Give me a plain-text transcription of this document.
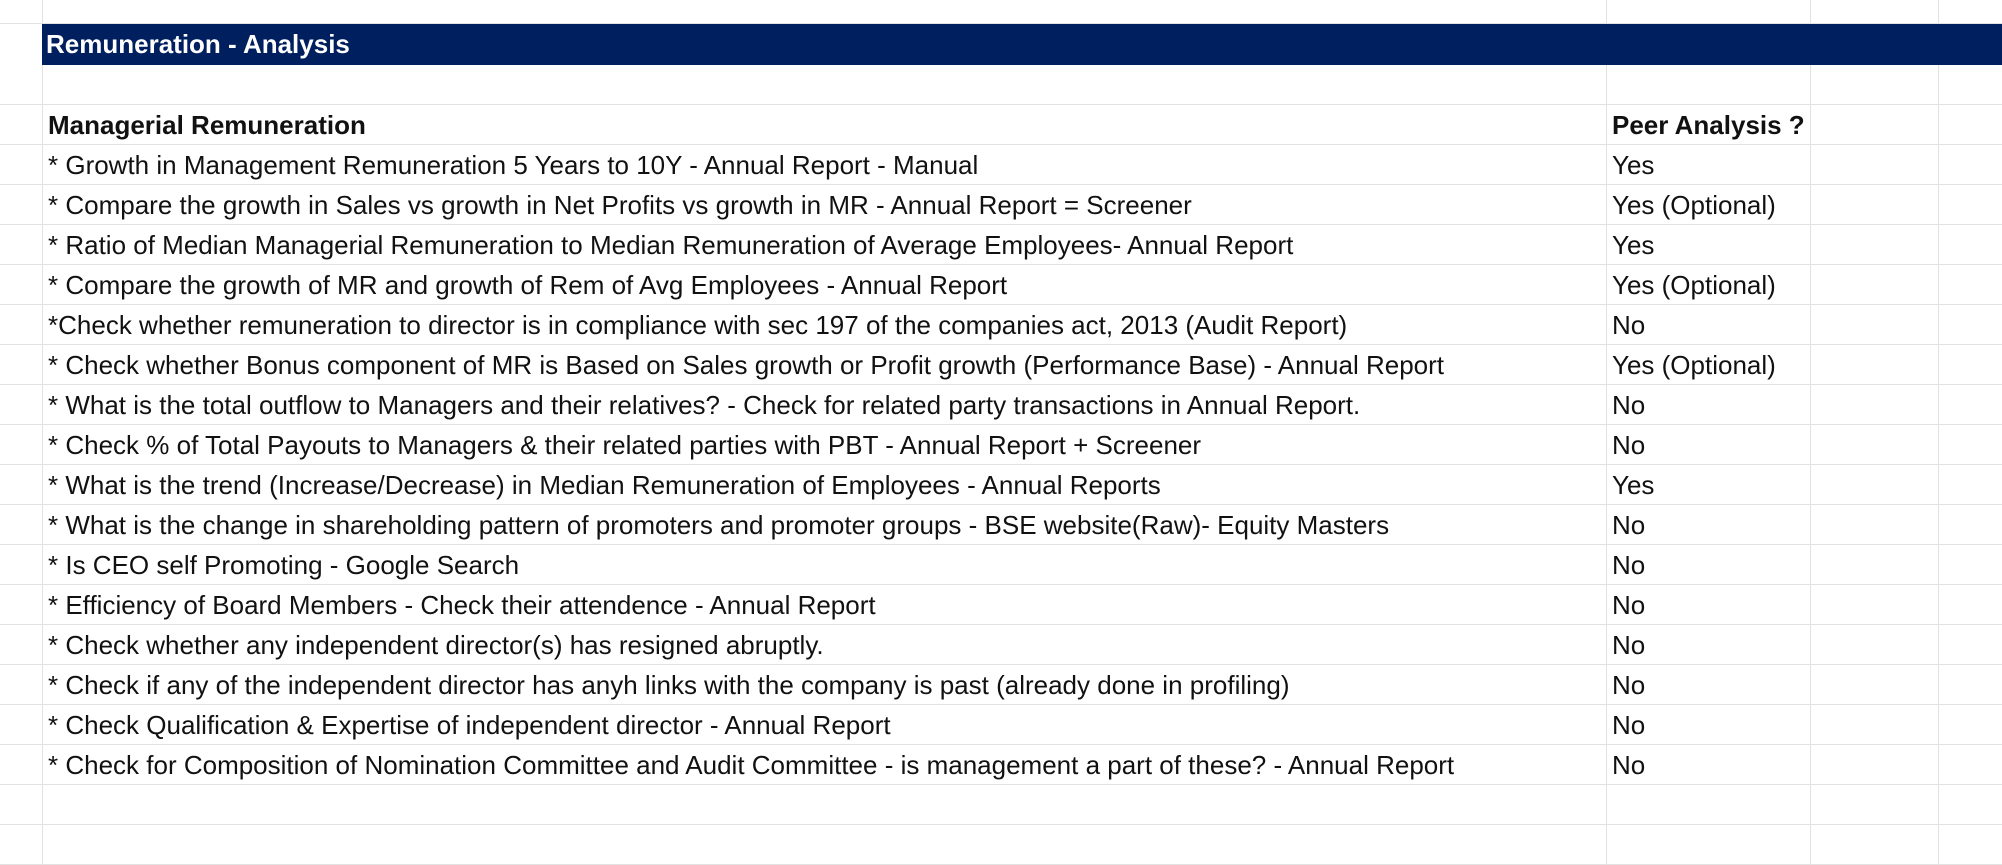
Remuneration - Analysis
Managerial Remuneration	Peer Analysis ?
* Growth in Management Remuneration 5 Years to 10Y - Annual Report - Manual	Yes
* Compare the growth in Sales vs growth in Net Profits vs growth in MR - Annual Report = Screener	Yes (Optional)
* Ratio of Median Managerial Remuneration to Median Remuneration of Average Employees- Annual Report	Yes
* Compare the growth of MR and growth of Rem of Avg Employees - Annual Report	Yes (Optional)
*Check whether remuneration to director is in compliance with sec 197 of the companies act, 2013 (Audit Report)	No
* Check whether Bonus component of MR is Based on Sales growth or Profit growth (Performance Base) - Annual Report	Yes (Optional)
* What is the total outflow to Managers and their relatives? - Check for related party transactions in Annual Report.	No
* Check % of Total Payouts to Managers & their related parties with PBT - Annual Report + Screener	No
* What is the trend (Increase/Decrease) in Median Remuneration of Employees - Annual Reports	Yes
* What is the change in shareholding pattern of promoters and promoter groups - BSE website(Raw)- Equity Masters	No
* Is CEO self Promoting - Google Search	No
* Efficiency of Board Members - Check their attendence - Annual Report	No
* Check whether any independent director(s) has resigned abruptly.	No
* Check if any of the independent director has anyh links with the company is past (already done in profiling)	No
* Check Qualification & Expertise of independent director - Annual Report	No
* Check for Composition of Nomination Committee and Audit Committee - is management a part of these? - Annual Report	No
